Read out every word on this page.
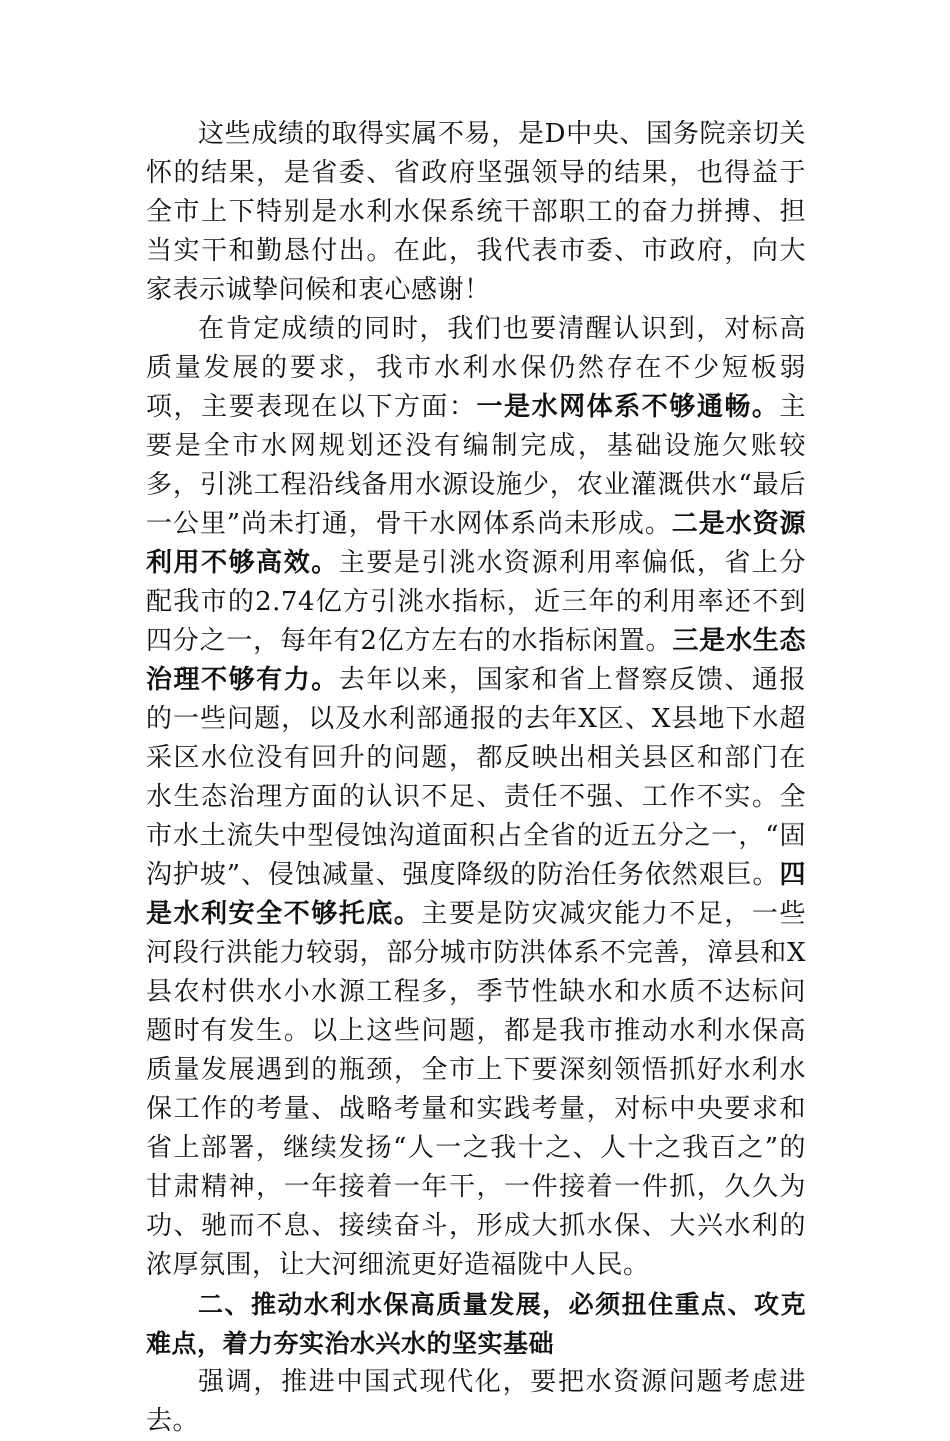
这些成绩的取得实属不易，是D中央、国务院亲切关怀的结果，是省委、省政府坚强领导的结果，也得益于全市上下特别是水利水保系统干部职工的奋力拼搏、担当实干和勤恳付出。在此，我代表市委、市政府，向大家表示诚挚问候和衷心感谢！

在肯定成绩的同时，我们也要清醒认识到，对标高质量发展的要求，我市水利水保仍然存在不少短板弱项，主要表现在以下方面：一是水网体系不够通畅。主要是全市水网规划还没有编制完成，基础设施欠账较多，引洮工程沿线备用水源设施少，农业灌溉供水“最后一公里”尚未打通，骨干水网体系尚未形成。二是水资源利用不够高效。主要是引洮水资源利用率偏低，省上分配我市的2.74亿方引洮水指标，近三年的利用率还不到四分之一，每年有2亿方左右的水指标闲置。三是水生态治理不够有力。去年以来，国家和省上督察反馈、通报的一些问题，以及水利部通报的去年X区、X县地下水超采区水位没有回升的问题，都反映出相关县区和部门在水生态治理方面的认识不足、责任不强、工作不实。全市水土流失中型侵蚀沟道面积占全省的近五分之一，“固沟护坡”、侵蚀减量、强度降级的防治任务依然艰巨。四是水利安全不够托底。主要是防灾减灾能力不足，一些河段行洪能力较弱，部分城市防洪体系不完善，漳县和X县农村供水小水源工程多，季节性缺水和水质不达标问题时有发生。以上这些问题，都是我市推动水利水保高质量发展遇到的瓶颈，全市上下要深刻领悟抓好水利水保工作的考量、战略考量和实践考量，对标中央要求和省上部署，继续发扬“人一之我十之、人十之我百之”的甘肃精神，一年接着一年干，一件接着一件抓，久久为功、驰而不息、接续奋斗，形成大抓水保、大兴水利的浓厚氛围，让大河细流更好造福陇中人民。

二、推动水利水保高质量发展，必须扭住重点、攻克难点，着力夯实治水兴水的坚实基础

强调，推进中国式现代化，要把水资源问题考虑进去。
